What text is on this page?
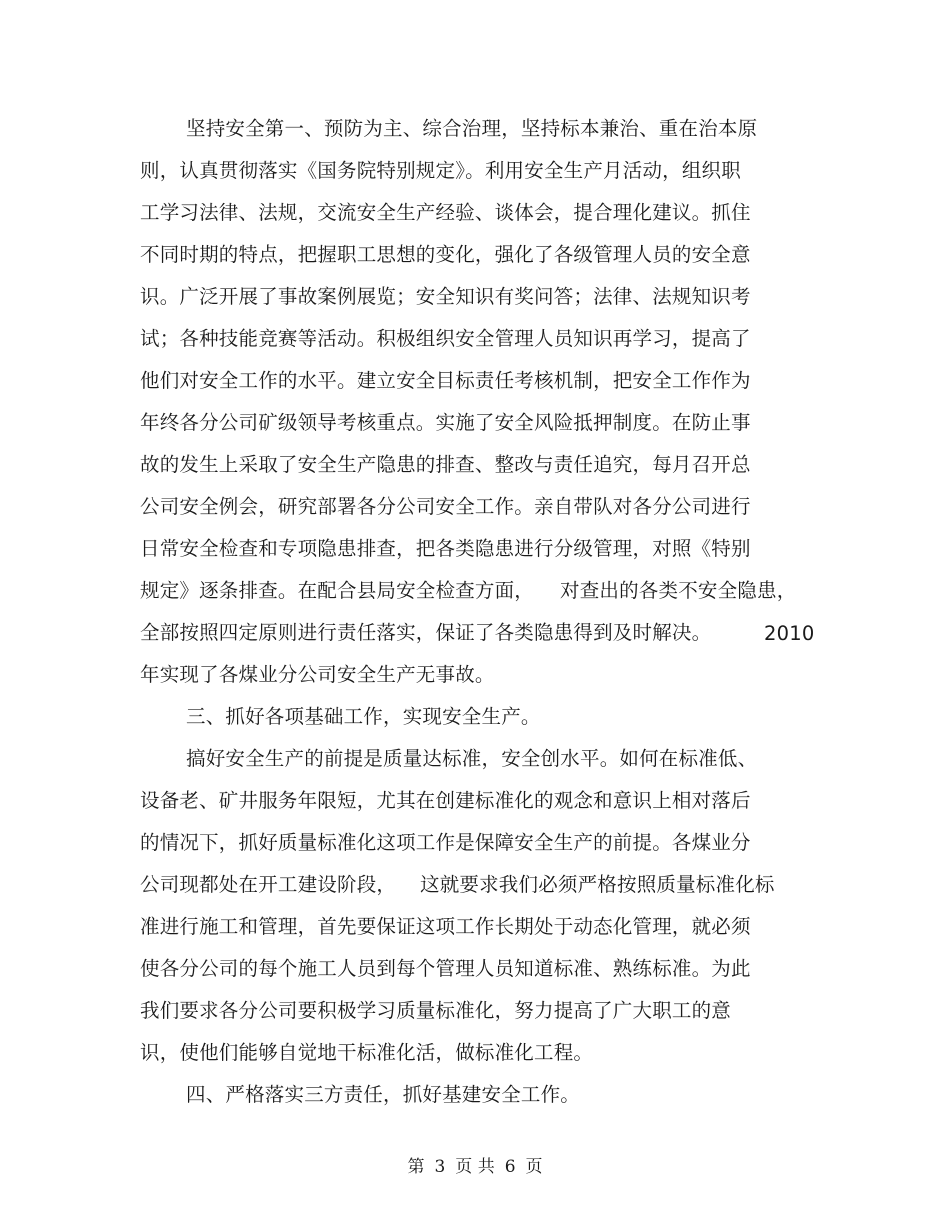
坚持安全第一、预防为主、综合治理，坚持标本兼治、重在治本原
则，认真贯彻落实《国务院特别规定》。利用安全生产月活动，组织职
工学习法律、法规，交流安全生产经验、谈体会，提合理化建议。抓住
不同时期的特点，把握职工思想的变化，强化了各级管理人员的安全意
识。广泛开展了事故案例展览；安全知识有奖问答；法律、法规知识考
试；各种技能竞赛等活动。积极组织安全管理人员知识再学习，提高了
他们对安全工作的水平。建立安全目标责任考核机制，把安全工作作为
年终各分公司矿级领导考核重点。实施了安全风险抵押制度。在防止事
故的发生上采取了安全生产隐患的排查、整改与责任追究，每月召开总
公司安全例会，研究部署各分公司安全工作。亲自带队对各分公司进行
日常安全检查和专项隐患排查，把各类隐患进行分级管理，对照《特别
规定》逐条排查。在配合县局安全检查方面， 对查出的各类不安全隐患，
全部按照四定原则进行责任落实，保证了各类隐患得到及时解决。	2010
年实现了各煤业分公司安全生产无事故。
三、抓好各项基础工作，实现安全生产。
搞好安全生产的前提是质量达标准，安全创水平。如何在标准低、
设备老、矿井服务年限短，尤其在创建标准化的观念和意识上相对落后
的情况下，抓好质量标准化这项工作是保障安全生产的前提。各煤业分
公司现都处在开工建设阶段， 这就要求我们必须严格按照质量标准化标
准进行施工和管理，首先要保证这项工作长期处于动态化管理，就必须
使各分公司的每个施工人员到每个管理人员知道标准、熟练标准。为此
我们要求各分公司要积极学习质量标准化，努力提高了广大职工的意
识，使他们能够自觉地干标准化活，做标准化工程。
四、严格落实三方责任，抓好基建安全工作。
第 3 页 共 6 页
